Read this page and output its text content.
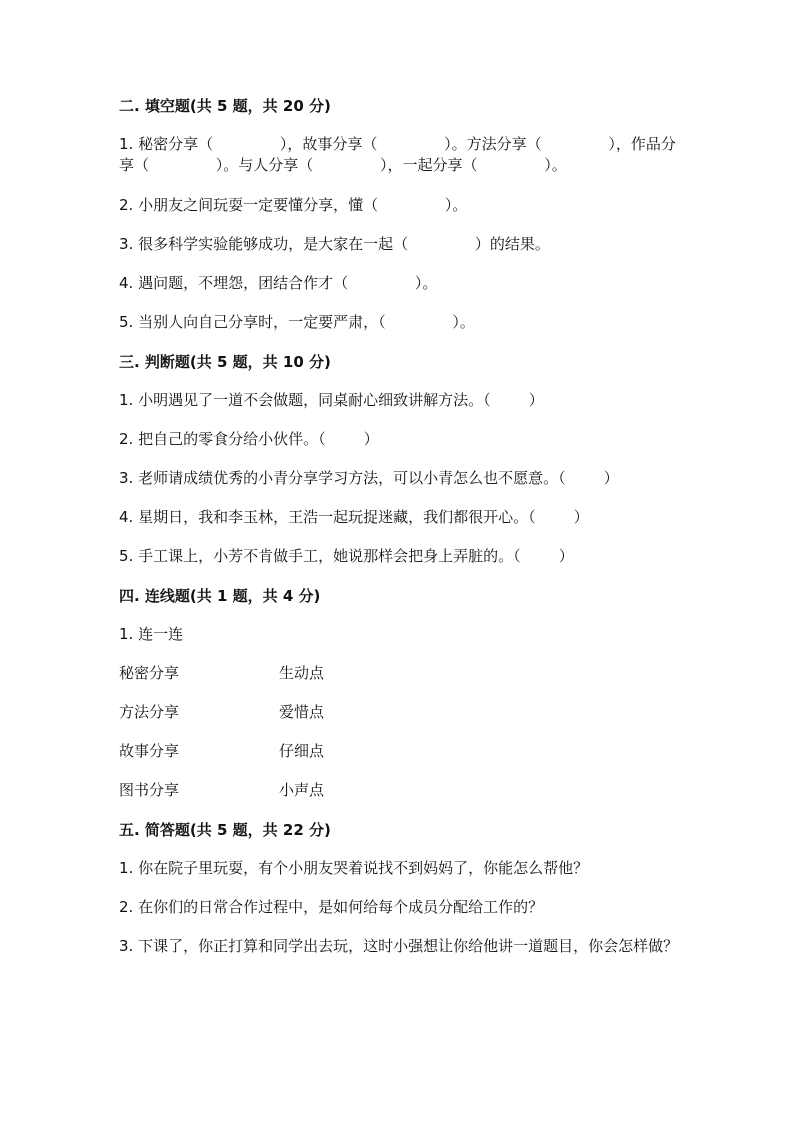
二. 填空题(共 5 题，共 20 分)
1. 秘密分享（              ），故事分享（              ）。方法分享（              ），作品分享（              ）。与人分享（              ），一起分享（              ）。
2. 小朋友之间玩耍一定要懂分享，懂（              ）。
3. 很多科学实验能够成功，是大家在一起（              ）的结果。
4. 遇问题，不埋怨，团结合作才（              ）。
5. 当别人向自己分享时，一定要严肃，（              ）。
三. 判断题(共 5 题，共 10 分)
1. 小明遇见了一道不会做题，同桌耐心细致讲解方法。（        ）
2. 把自己的零食分给小伙伴。（        ）
3. 老师请成绩优秀的小青分享学习方法，可以小青怎么也不愿意。（        ）
4. 星期日，我和李玉林，王浩一起玩捉迷藏，我们都很开心。（        ）
5. 手工课上，小芳不肯做手工，她说那样会把身上弄脏的。（        ）
四. 连线题(共 1 题，共 4 分)
1. 连一连
秘密分享	生动点
方法分享	爱惜点
故事分享	仔细点
图书分享	小声点
五. 简答题(共 5 题，共 22 分)
1. 你在院子里玩耍，有个小朋友哭着说找不到妈妈了，你能怎么帮他？
2. 在你们的日常合作过程中，是如何给每个成员分配给工作的？
3. 下课了，你正打算和同学出去玩，这时小强想让你给他讲一道题目，你会怎样做？
